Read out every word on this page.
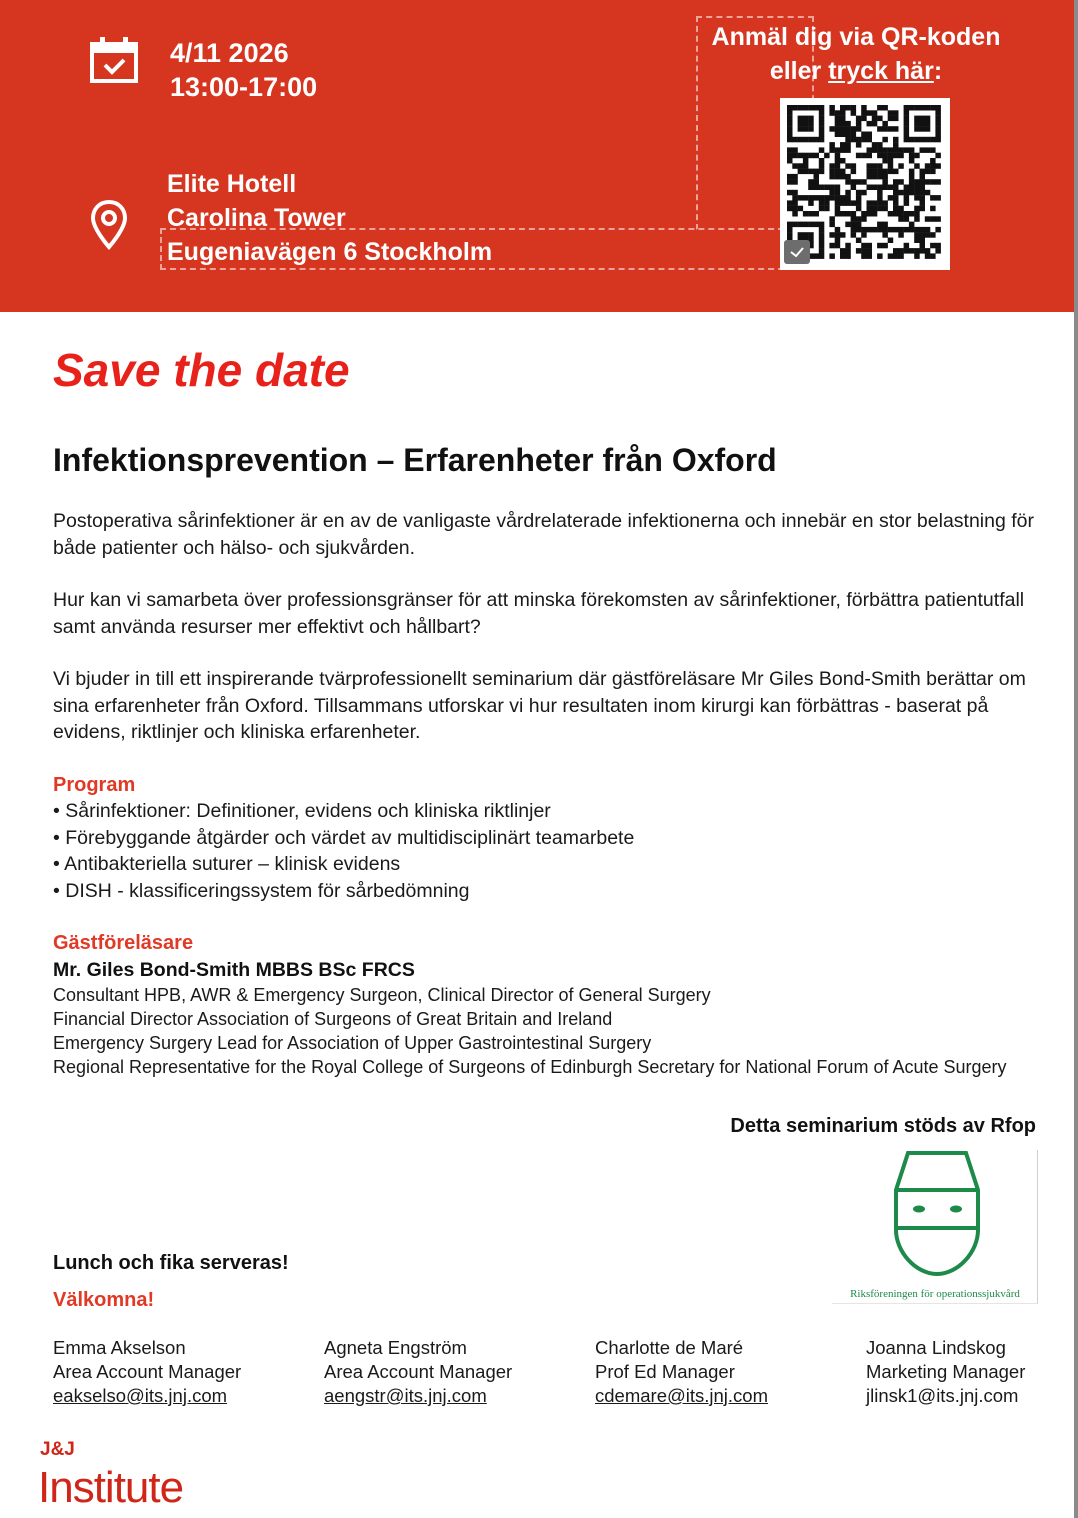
4/11 2026
13:00-17:00
Elite Hotell
Carolina Tower
Eugeniavägen 6 Stockholm
Anmäl dig via QR-koden
eller tryck här:
Save the date
Infektionsprevention – Erfarenheter från Oxford

Postoperativa sårinfektioner är en av de vanligaste vårdrelaterade infektionerna och innebär en stor belastning för både patienter och hälso- och sjukvården.

Hur kan vi samarbeta över professionsgränser för att minska förekomsten av sårinfektioner, förbättra patientutfall samt använda resurser mer effektivt och hållbart?

Vi bjuder in till ett inspirerande tvärprofessionellt seminarium där gästföreläsare Mr Giles Bond-Smith berättar om sina erfarenheter från Oxford. Tillsammans utforskar vi hur resultaten inom kirurgi kan förbättras - baserat på evidens, riktlinjer och kliniska erfarenheter.

Program
• Sårinfektioner: Definitioner, evidens och kliniska riktlinjer
• Förebyggande åtgärder och värdet av multidisciplinärt teamarbete
• Antibakteriella suturer – klinisk evidens
• DISH - klassificeringssystem för sårbedömning
Gästföreläsare
Mr. Giles Bond-Smith MBBS BSc FRCS
Consultant HPB, AWR & Emergency Surgeon, Clinical Director of General Surgery
Financial Director Association of Surgeons of Great Britain and Ireland
Emergency Surgery Lead for Association of Upper Gastrointestinal Surgery
Regional Representative for the Royal College of Surgeons of Edinburgh Secretary for National Forum of Acute Surgery
Detta seminarium stöds av Rfop
Riksföreningen för operationssjukvård
Lunch och fika serveras!
Välkomna!
Emma Akselson
Area Account Manager
eakselso@its.jnj.com
Agneta Engström
Area Account Manager
aengstr@its.jnj.com
Charlotte de Maré
Prof Ed Manager
cdemare@its.jnj.com
Joanna Lindskog
Marketing Manager
jlinsk1@its.jnj.com
J&J
Institute
